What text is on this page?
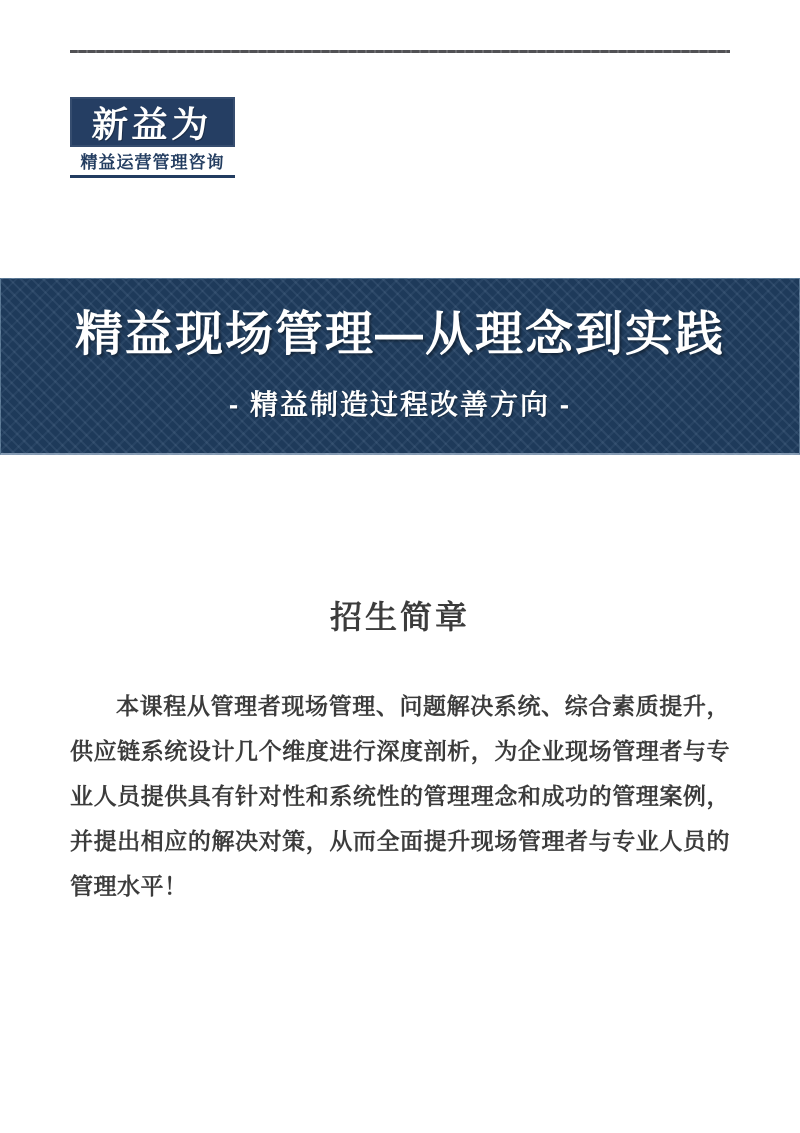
新益为
精益运营管理咨询
精益现场管理—从理念到实践
- 精益制造过程改善方向 -
招生简章

本课程从管理者现场管理、问题解决系统、综合素质提升，供应链系统设计几个维度进行深度剖析，为企业现场管理者与专业人员提供具有针对性和系统性的管理理念和成功的管理案例，并提出相应的解决对策，从而全面提升现场管理者与专业人员的管理水平！
